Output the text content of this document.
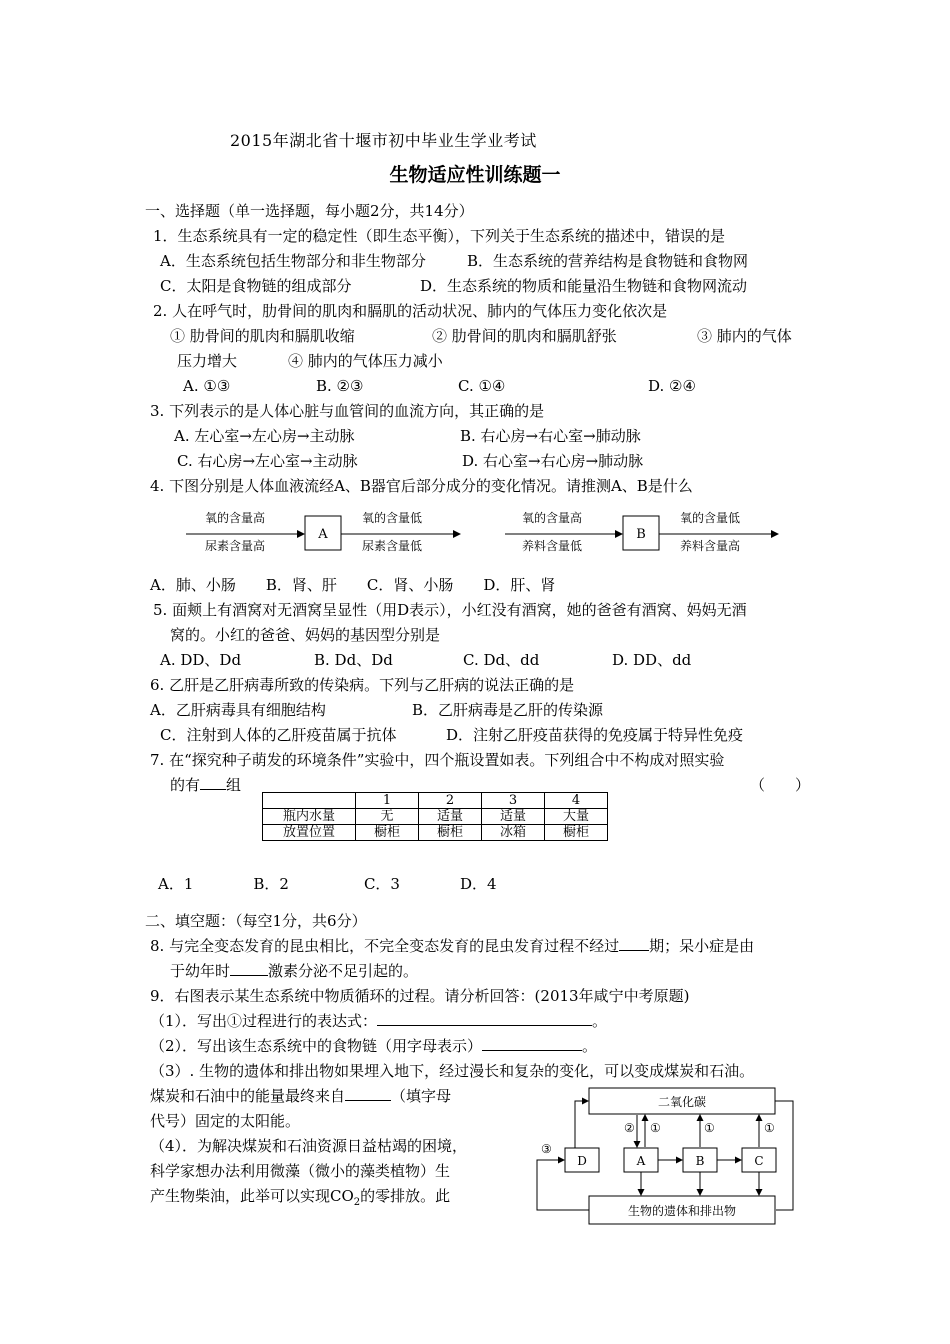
2015年湖北省十堰市初中毕业生学业考试
生物适应性训练题一
一、选择题（单一选择题，每小题2分，共14分）
1．生态系统具有一定的稳定性（即生态平衡），下列关于生态系统的描述中，错误的是
A．生态系统包括生物部分和非生物部分	B．生态系统的营养结构是食物链和食物网
C．太阳是食物链的组成部分	D．生态系统的物质和能量沿生物链和食物网流动
2. 人在呼气时，肋骨间的肌肉和膈肌的活动状况、肺内的气体压力变化依次是
① 肋骨间的肌肉和膈肌收缩	② 肋骨间的肌肉和膈肌舒张	③ 肺内的气体
压力增大	④ 肺内的气体压力减小
A. ①③	B. ②③	C. ①④	D. ②④
3. 下列表示的是人体心脏与血管间的血流方向，其正确的是
A. 左心室→左心房→主动脉	B. 右心房→右心室→肺动脉
C. 右心房→左心室→主动脉	D. 右心室→右心房→肺动脉
4. 下图分别是人体血液流经A、B器官后部分成分的变化情况。请推测A、B是什么
氧的含量高
尿素含量高
A
氧的含量低
尿素含量低
氧的含量高
养料含量低
B
氧的含量低
养料含量高
A．肺、小肠　　B．肾、肝　　C．肾、小肠　　D．肝、肾
5. 面颊上有酒窝对无酒窝呈显性（用D表示），小红没有酒窝，她的爸爸有酒窝、妈妈无酒
窝的。小红的爸爸、妈妈的基因型分别是
A. DD、Dd	B. Dd、Dd	C. Dd、dd	D. DD、dd
6. 乙肝是乙肝病毒所致的传染病。下列与乙肝病的说法正确的是
A．乙肝病毒具有细胞结构	B．乙肝病毒是乙肝的传染源
C．注射到人体的乙肝疫苗属于抗体	D．注射乙肝疫苗获得的免疫属于特异性免疫
7. 在“探究种子萌发的环境条件”实验中，四个瓶设置如表。下列组合中不构成对照实验
的有 组	（　　）
	1	2	3	4
瓶内水量	无	适量	适量	大量
放置位置	橱柜	橱柜	冰箱	橱柜
A．1　　　　B．2　　　　　C．3　　　　D．4
二、填空题：（每空1分，共6分）
8. 与完全变态发育的昆虫相比，不完全变态发育的昆虫发育过程不经过 期；呆小症是由
于幼年时	激素分泌不足引起的。
9．右图表示某生态系统中物质循环的过程。请分析回答：(2013年咸宁中考原题)
（1）．写出①过程进行的表达式：	。
（2）．写出该生态系统中的食物链（用字母表示）	。
（3）. 生物的遗体和排出物如果埋入地下，经过漫长和复杂的变化，可以变成煤炭和石油。
煤炭和石油中的能量最终来自	（填字母
代号）固定的太阳能。
（4）．为解决煤炭和石油资源日益枯竭的困境，
科学家想办法利用微藻（微小的藻类植物）生
产生物柴油，此举可以实现$CO_2$的零排放。此
二氧化碳
生物的遗体和排出物
D	A	B	C
② ①	①	①
③
